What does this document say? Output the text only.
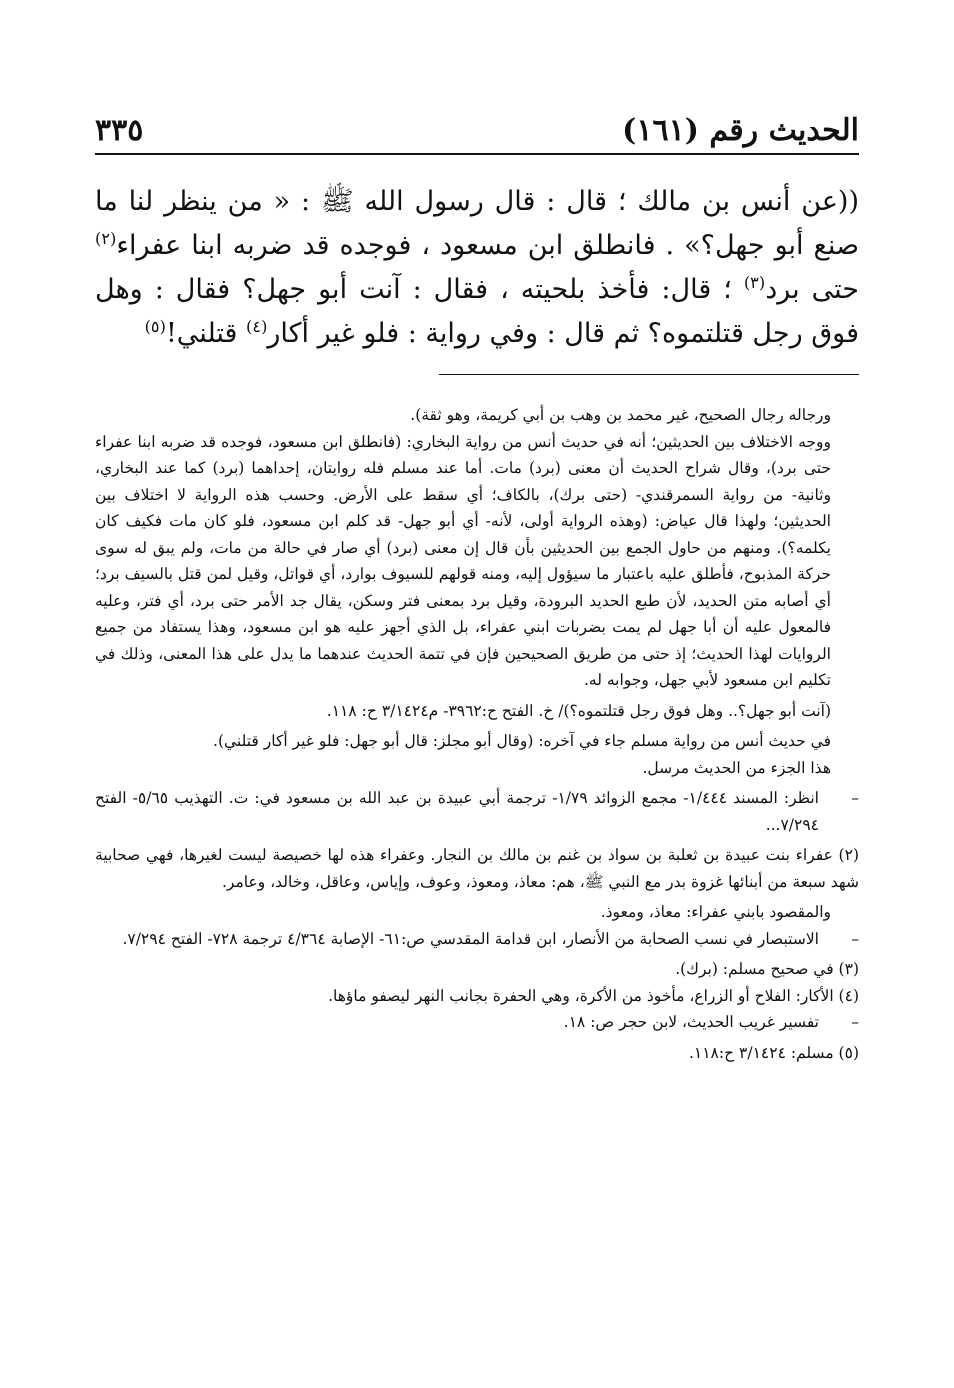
الحديث رقم (١٦١)
٣٣٥

((عن أنس بن مالك ؛ قال : قال رسول الله ﷺ : « من ينظر لنا ما صنع أبو جهل؟» . فانطلق ابن مسعود ، فوجده قد ضربه ابنا عفراء$^{(٢)}$ حتى برد$^{(٣)}$ ؛ قال: فأخذ بلحيته ، فقال : آنت أبو جهل؟ فقال : وهل فوق رجل قتلتموه؟ ثم قال : وفي رواية : فلو غير أكار$^{(٤)}$ قتلني!$^{(٥)}$

ورجاله رجال الصحيح، غير محمد بن وهب بن أبي كريمة، وهو ثقة).

ووجه الاختلاف بين الحديثين؛ أنه في حديث أنس من رواية البخاري: (فانطلق ابن مسعود، فوجده قد ضربه ابنا عفراء حتى برد)، وقال شراح الحديث أن معنى (برد) مات. أما عند مسلم فله روايتان، إحداهما (برد) كما عند البخاري، وثانية- من رواية السمرقندي- (حتى برك)، بالكاف؛ أي سقط على الأرض. وحسب هذه الرواية لا اختلاف بين الحديثين؛ ولهذا قال عياض: (وهذه الرواية أولى، لأنه- أي أبو جهل- قد كلم ابن مسعود، فلو كان مات فكيف كان يكلمه؟). ومنهم من حاول الجمع بين الحديثين بأن قال إن معنى (برد) أي صار في حالة من مات، ولم يبق له سوى حركة المذبوح، فأطلق عليه باعتبار ما سيؤول إليه، ومنه قولهم للسيوف بوارد، أي قواتل، وقيل لمن قتل بالسيف برد؛ أي أصابه متن الحديد، لأن طبع الحديد البرودة، وقيل برد بمعنى فتر وسكن، يقال جد الأمر حتى برد، أي فتر، وعليه فالمعول عليه أن أبا جهل لم يمت بضربات ابني عفراء، بل الذي أجهز عليه هو ابن مسعود، وهذا يستفاد من جميع الروايات لهذا الحديث؛ إذ حتى من طريق الصحيحين فإن في تتمة الحديث عندهما ما يدل على هذا المعنى، وذلك في تكليم ابن مسعود لأبي جهل، وجوابه له.

(آنت أبو جهل؟.. وهل فوق رجل قتلتموه؟)/ خ. الفتح ح:٣٩٦٢- م٣/١٤٢٤ ح: ١١٨.

في حديث أنس من رواية مسلم جاء في آخره: (وقال أبو مجلز: قال أبو جهل: فلو غير أكار قتلني).

هذا الجزء من الحديث مرسل.

– انظر: المسند ١/٤٤٤- مجمع الزوائد ١/٧٩- ترجمة أبي عبيدة بن عبد الله بن مسعود في: ت. التهذيب ٥/٦٥- الفتح ٧/٢٩٤...

(٢) عفراء بنت عبيدة بن ثعلبة بن سواد بن غنم بن مالك بن النجار. وعفراء هذه لها خصيصة ليست لغيرها، فهي صحابية شهد سبعة من أبنائها غزوة بدر مع النبي ﷺ، هم: معاذ، ومعوذ، وعوف، وإياس، وعاقل، وخالد، وعامر.

والمقصود بابني عفراء: معاذ، ومعوذ.

– الاستبصار في نسب الصحابة من الأنصار، ابن قدامة المقدسي ص:٦١- الإصابة ٤/٣٦٤ ترجمة ٧٢٨- الفتح ٧/٢٩٤.

(٣) في صحيح مسلم: (برك).

(٤) الأكار: الفلاح أو الزراع، مأخوذ من الأكرة، وهي الحفرة بجانب النهر ليصفو ماؤها.

– تفسير غريب الحديث، لابن حجر ص: ١٨.

(٥) مسلم: ٣/١٤٢٤ ح:١١٨.
